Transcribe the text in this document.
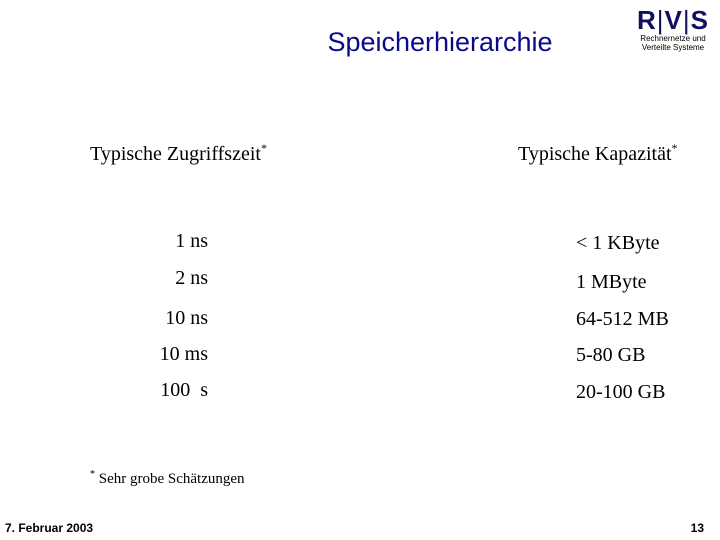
Speicherhierarchie
R|V|S
Rechnernetze und
Verteilte Systeme
Typische Zugriffszeit*	Typische Kapazität*
1 ns	< 1 KByte
2 ns	1 MByte
10 ns	64-512 MB
10 ms	5-80 GB
100  s	20-100 GB
* Sehr grobe Schätzungen
7. Februar 2003	13
